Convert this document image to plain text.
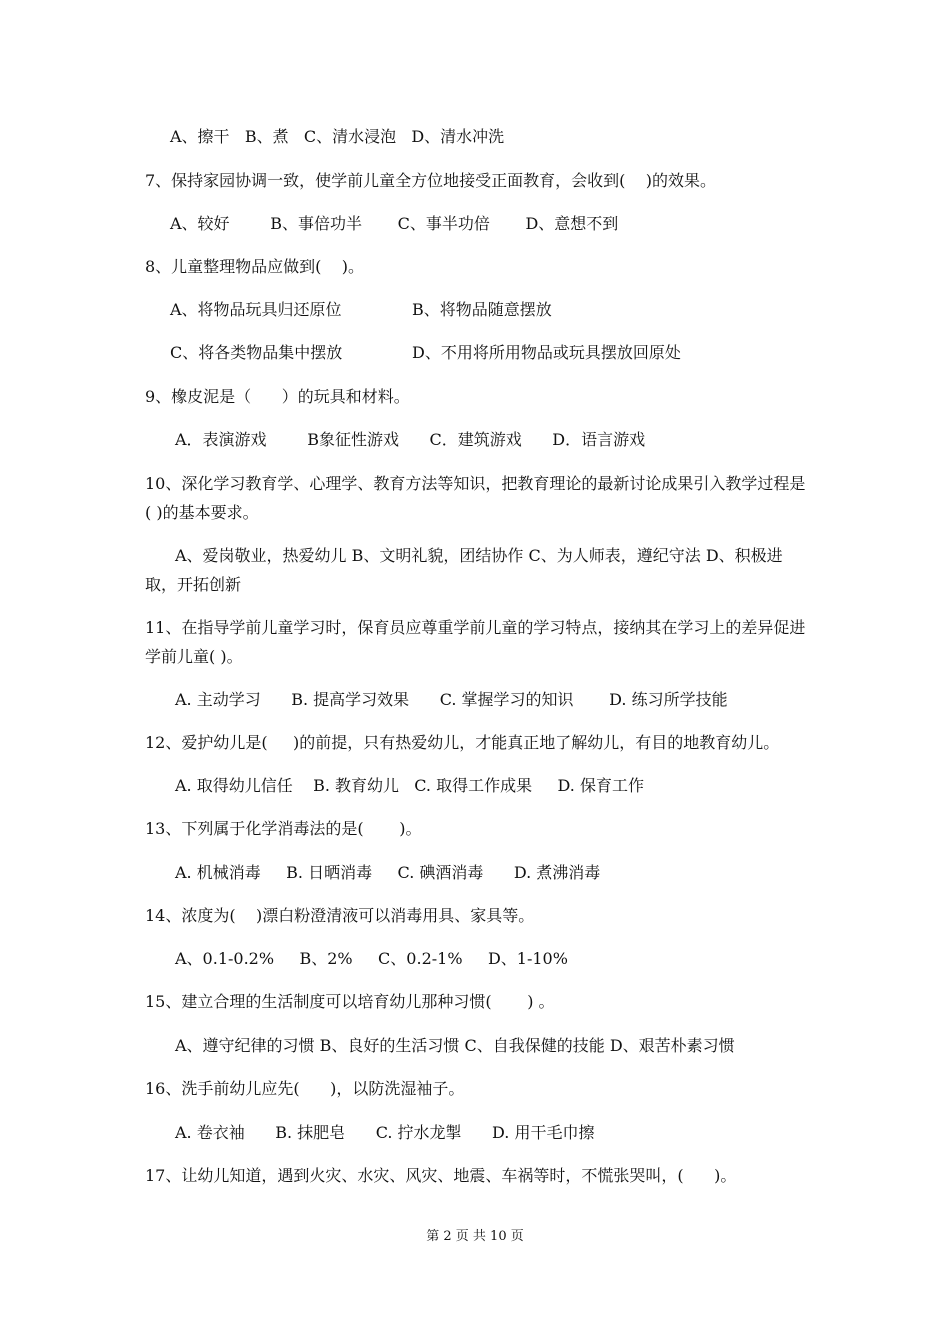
A、擦干   B、煮   C、清水浸泡   D、清水冲洗
7、保持家园协调一致，使学前儿童全方位地接受正面教育，会收到(    )的效果。
A、较好        B、事倍功半       C、事半功倍       D、意想不到
8、儿童整理物品应做到(    )。
A、将物品玩具归还原位	B、将物品随意摆放
C、将各类物品集中摆放	D、不用将所用物品或玩具摆放回原处
9、橡皮泥是（      ）的玩具和材料。
A．表演游戏        B象征性游戏      C．建筑游戏      D．语言游戏
10、深化学习教育学、心理学、教育方法等知识，把教育理论的最新讨论成果引入教学过程是( )的基本要求。
A、爱岗敬业，热爱幼儿 B、文明礼貌，团结协作 C、为人师表，遵纪守法 D、积极进取，开拓创新
11、在指导学前儿童学习时，保育员应尊重学前儿童的学习特点，接纳其在学习上的差异促进学前儿童( )。
A. 主动学习      B. 提高学习效果      C. 掌握学习的知识       D. 练习所学技能
12、爱护幼儿是(     )的前提，只有热爱幼儿，才能真正地了解幼儿，有目的地教育幼儿。
A. 取得幼儿信任    B. 教育幼儿   C. 取得工作成果     D. 保育工作
13、下列属于化学消毒法的是(       )。
A. 机械消毒     B. 日晒消毒     C. 碘酒消毒      D. 煮沸消毒
14、浓度为(    )漂白粉澄清液可以消毒用具、家具等。
A、0.1-0.2%     B、2%     C、0.2-1%     D、1-10%
15、建立合理的生活制度可以培育幼儿那种习惯(       ) 。
A、遵守纪律的习惯 B、良好的生活习惯 C、自我保健的技能 D、艰苦朴素习惯
16、洗手前幼儿应先(      )，以防洗湿袖子。
A. 卷衣袖      B. 抹肥皂      C. 拧水龙掣      D. 用干毛巾擦
17、让幼儿知道，遇到火灾、水灾、风灾、地震、车祸等时，不慌张哭叫，(      )。
第 2 页 共 10 页
